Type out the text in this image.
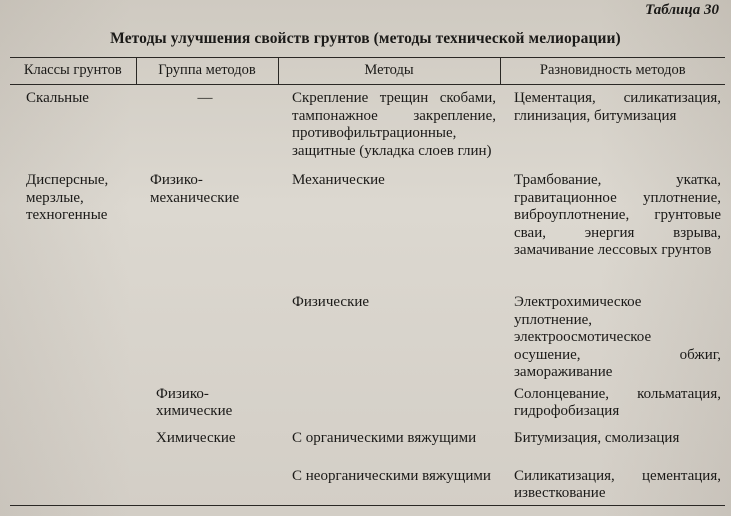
Таблица 30
Методы улучшения свойств грунтов (методы технической мелиорации)
Классы грунтов	Группа методов	Методы	Разновидность методов
Скальные	—	Скрепление трещин скобами, тампонажное закрепление, противофильтрационные, защитные (укладка слоев глин)	Цементация, силикатизация, глинизация, битумизация
Дисперсные, мерзлые, техногенные	Физико-механические	Механические	Трамбование, укатка, гравитационное уплотнение, виброуплотнение, грунтовые сваи, энергия взрыва, замачивание лессовых грунтов
		Физические	Электрохимическое уплотнение, электроосмотическое осушение, обжиг, замораживание
	Физико-химические		Солонцевание, кольматация, гидрофобизация
	Химические	С органическими вяжущими	Битумизация, смолизация
		С неорганическими вяжущими	Силикатизация, цементация, известкование
